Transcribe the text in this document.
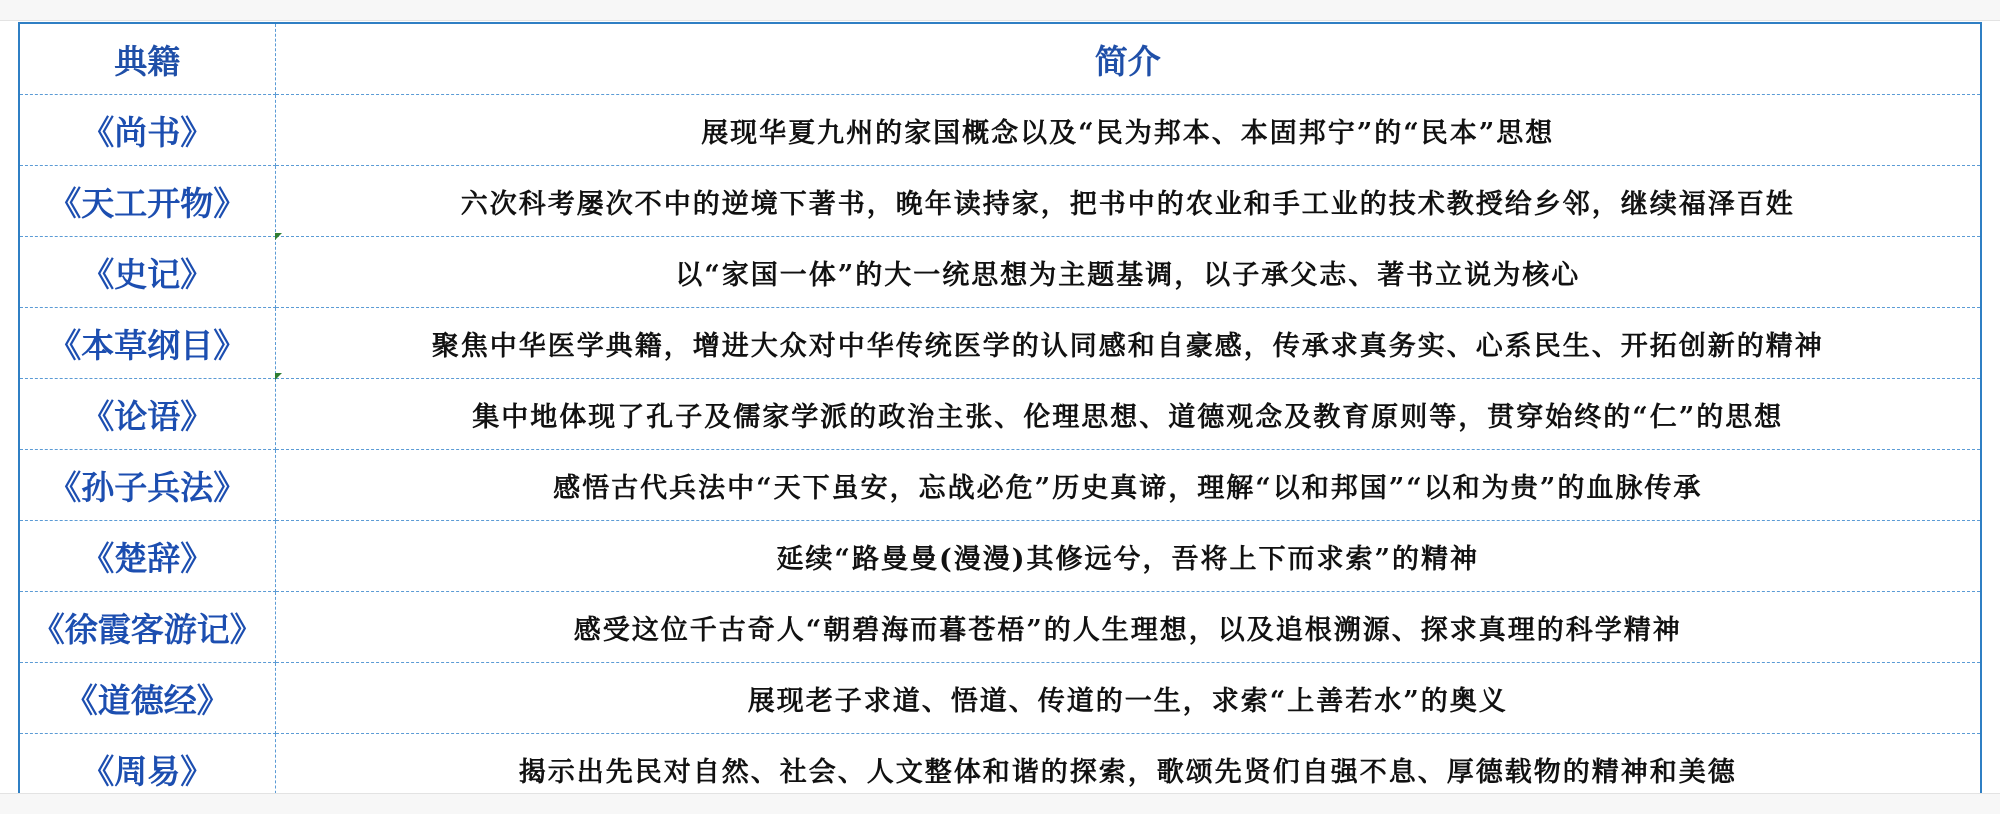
典籍	简介
《尚书》	展现华夏九州的家国概念以及“民为邦本、本固邦宁”的“民本”思想
《天工开物》	六次科考屡次不中的逆境下著书，晚年读持家，把书中的农业和手工业的技术教授给乡邻，继续福泽百姓
《史记》	以“家国一体”的大一统思想为主题基调，以子承父志、著书立说为核心
《本草纲目》	聚焦中华医学典籍，增进大众对中华传统医学的认同感和自豪感，传承求真务实、心系民生、开拓创新的精神
《论语》	集中地体现了孔子及儒家学派的政治主张、伦理思想、道德观念及教育原则等，贯穿始终的“仁”的思想
《孙子兵法》	感悟古代兵法中“天下虽安，忘战必危”历史真谛，理解“以和邦国”“以和为贵”的血脉传承
《楚辞》	延续“路曼曼(漫漫)其修远兮，吾将上下而求索”的精神
《徐霞客游记》	感受这位千古奇人“朝碧海而暮苍梧”的人生理想，以及追根溯源、探求真理的科学精神
《道德经》	展现老子求道、悟道、传道的一生，求索“上善若水”的奥义
《周易》	揭示出先民对自然、社会、人文整体和谐的探索，歌颂先贤们自强不息、厚德载物的精神和美德
